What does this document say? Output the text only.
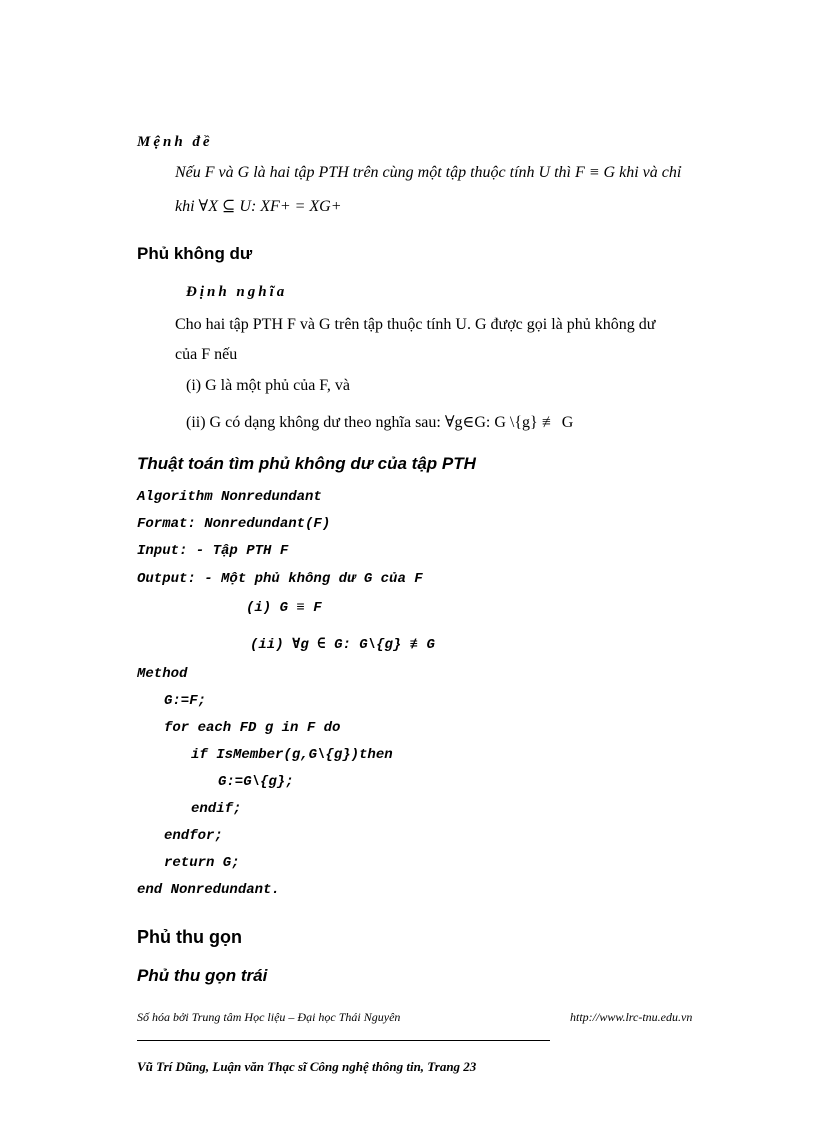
Mệnh đề
Nếu F và G là hai tập PTH trên cùng một tập thuộc tính U thì F ≡ G khi và chỉ
khi ∀X ⊆ U: XF+ = XG+
Phủ không dư
Định nghĩa
Cho hai tập PTH F và G trên tập thuộc tính U. G được gọi là phủ không dư
của F nếu
(i) G là một phủ của F, và
(ii) G có dạng không dư theo nghĩa sau: ∀g∈G: G \{g} ≢ G
Thuật toán tìm phủ không dư của tập PTH
Algorithm Nonredundant
Format: Nonredundant(F)
Input: - Tập PTH F
Output: - Một phủ không dư G của F
(i) G ≡ F
(ii) ∀g ∈ G: G\{g} ≢ G
Method
G:=F;
for each FD g in F do
if IsMember(g,G\{g})then
G:=G\{g};
endif;
endfor;
return G;
end Nonredundant.
Phủ thu gọn
Phủ thu gọn trái
Số hóa bởi Trung tâm Học liệu – Đại học Thái Nguyên	http://www.lrc-tnu.edu.vn
Vũ Trí Dũng, Luận văn Thạc sĩ Công nghệ thông tin, Trang 23
